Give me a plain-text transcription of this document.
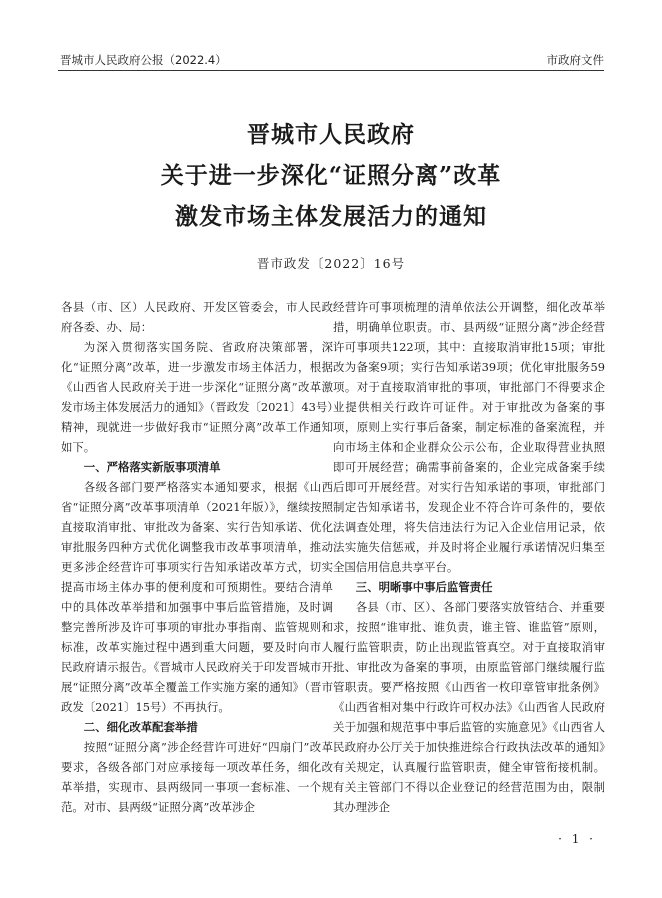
晋城市人民政府公报（2022.4）	市政府文件
晋城市人民政府
关于进一步深化“证照分离”改革
激发市场主体发展活力的通知
晋市政发〔2022〕16号

各县（市、区）人民政府、开发区管委会，市人民政府各委、办、局：

为深入贯彻落实国务院、省政府决策部署，深化“证照分离”改革，进一步激发市场主体活力，根据《山西省人民政府关于进一步深化“证照分离”改革激发市场主体发展活力的通知》（晋政发〔2021〕43号）精神，现就进一步做好我市“证照分离”改革工作通知如下。

一、严格落实新版事项清单

各级各部门要严格落实本通知要求，根据《山西省“证照分离”改革事项清单（2021年版）》，继续按照直接取消审批、审批改为备案、实行告知承诺、优化审批服务四种方式优化调整我市改革事项清单，推动更多涉企经营许可事项实行告知承诺改革方式，切实提高市场主体办事的便利度和可预期性。要结合清单中的具体改革举措和加强事中事后监管措施，及时调整完善所涉及许可事项的审批办事指南、监管规则和标准，改革实施过程中遇到重大问题，要及时向市人民政府请示报告。《晋城市人民政府关于印发晋城市开展“证照分离”改革全覆盖工作实施方案的通知》（晋市政发〔2021〕15号）不再执行。

二、细化改革配套举措

按照“证照分离”涉企经营许可进好“四扇门”改革要求，各级各部门对应承接每一项改革任务，细化改革举措，实现市、县两级同一事项一套标准、一个规范。对市、县两级“证照分离”改革涉企

经营许可事项梳理的清单依法公开调整，细化改革举措，明确单位职责。市、县两级“证照分离”涉企经营许可事项共122项，其中：直接取消审批15项；审批改为备案9项；实行告知承诺39项；优化审批服务59项。对于直接取消审批的事项，审批部门不得要求企业提供相关行政许可证件。对于审批改为备案的事项，原则上实行事后备案，制定标准的备案流程，并向市场主体和企业群众公示公布，企业取得营业执照即可开展经营；确需事前备案的，企业完成备案手续后即可开展经营。对实行告知承诺的事项，审批部门制定告知承诺书，发现企业不符合许可条件的，要依法调查处理，将失信违法行为记入企业信用记录，依法实施失信惩戒，并及时将企业履行承诺情况归集至全国信用信息共享平台。

三、明晰事中事后监管责任

各县（市、区）、各部门要落实放管结合、并重要求，按照“谁审批、谁负责，谁主管、谁监管”原则，履行监管职责，防止出现监管真空。对于直接取消审批、审批改为备案的事项，由原监管部门继续履行监管职责。要严格按照《山西省一枚印章管审批条例》《山西省相对集中行政许可权办法》《山西省人民政府关于加强和规范事中事后监管的实施意见》《山西省人民政府办公厅关于加快推进综合行政执法改革的通知》有关规定，认真履行监管职责，健全审管衔接机制。有关主管部门不得以企业登记的经营范围为由，限制其办理涉企

· 1 ·
